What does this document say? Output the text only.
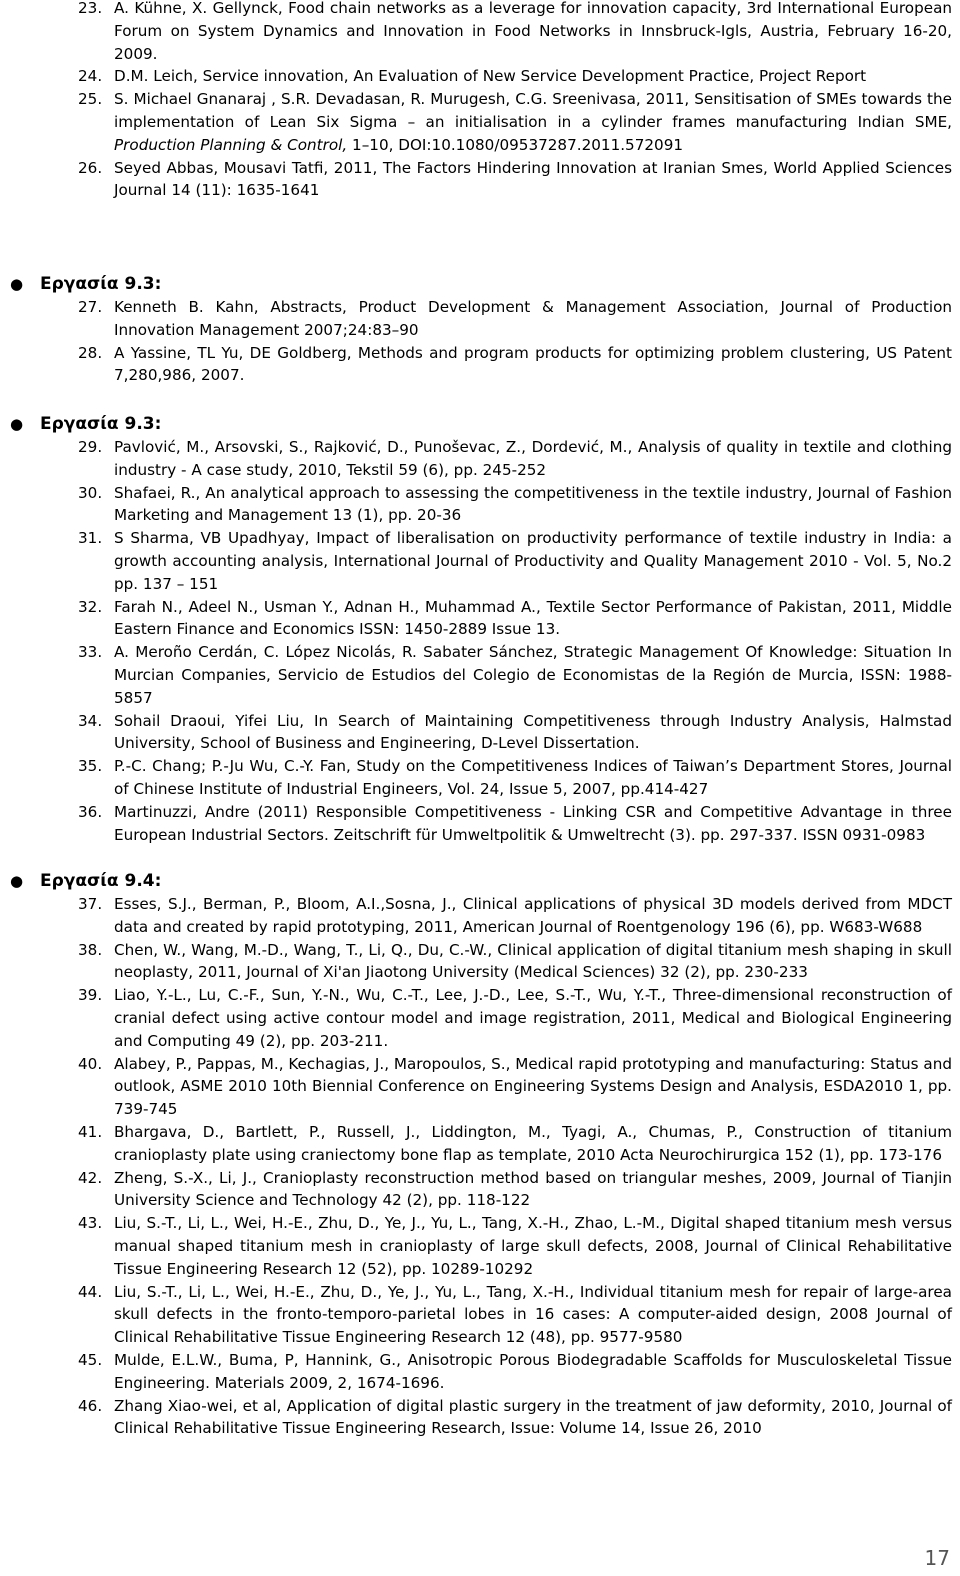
23. A. Kühne, X. Gellynck, Food chain networks as a leverage for innovation capacity, 3rd International European Forum on System Dynamics and Innovation in Food Networks in Innsbruck-Igls, Austria, February 16-20, 2009.
24. D.M. Leich, Service innovation, An Evaluation of New Service Development Practice, Project Report
25. S. Michael Gnanaraj , S.R. Devadasan, R. Murugesh, C.G. Sreenivasa, 2011, Sensitisation of SMEs towards the implementation of Lean Six Sigma – an initialisation in a cylinder frames manufacturing Indian SME, Production Planning & Control, 1–10, DOI:10.1080/09537287.2011.572091
26. Seyed Abbas, Mousavi Tatfi, 2011, The Factors Hindering Innovation at Iranian Smes, World Applied Sciences Journal 14 (11): 1635-1641
● Εργασία 9.3:
27. Kenneth B. Kahn, Abstracts, Product Development & Management Association, Journal of Production Innovation Management 2007;24:83–90
28. A Yassine, TL Yu, DE Goldberg, Methods and program products for optimizing problem clustering, US Patent 7,280,986, 2007.
● Εργασία 9.3:
29. Pavlović, M., Arsovski, S., Rajković, D., Punoševac, Z., Dordević, M., Analysis of quality in textile and clothing industry - A case study, 2010, Tekstil 59 (6), pp. 245-252
30. Shafaei, R., An analytical approach to assessing the competitiveness in the textile industry, Journal of Fashion Marketing and Management 13 (1), pp. 20-36
31. S Sharma, VB Upadhyay, Impact of liberalisation on productivity performance of textile industry in India: a growth accounting analysis, International Journal of Productivity and Quality Management 2010 - Vol. 5, No.2 pp. 137 – 151
32. Farah N., Adeel N., Usman Y., Adnan H., Muhammad A., Textile Sector Performance of Pakistan, 2011, Middle Eastern Finance and Economics ISSN: 1450-2889 Issue 13.
33. A. Meroño Cerdán, C. López Nicolás, R. Sabater Sánchez, Strategic Management Of Knowledge: Situation In Murcian Companies, Servicio de Estudios del Colegio de Economistas de la Región de Murcia, ISSN: 1988-5857
34. Sohail Draoui, Yifei Liu, In Search of Maintaining Competitiveness through Industry Analysis, Halmstad University, School of Business and Engineering, D-Level Dissertation.
35. P.-C. Chang; P.-Ju Wu, C.-Y. Fan, Study on the Competitiveness Indices of Taiwan’s Department Stores, Journal of Chinese Institute of Industrial Engineers, Vol. 24, Issue 5, 2007, pp.414-427
36. Martinuzzi, Andre (2011) Responsible Competitiveness - Linking CSR and Competitive Advantage in three European Industrial Sectors. Zeitschrift für Umweltpolitik & Umweltrecht (3). pp. 297-337. ISSN 0931-0983
● Εργασία 9.4:
37. Esses, S.J., Berman, P., Bloom, A.I.,Sosna, J., Clinical applications of physical 3D models derived from MDCT data and created by rapid prototyping, 2011, American Journal of Roentgenology 196 (6), pp. W683-W688
38. Chen, W., Wang, M.-D., Wang, T., Li, Q., Du, C.-W., Clinical application of digital titanium mesh shaping in skull neoplasty, 2011, Journal of Xi'an Jiaotong University (Medical Sciences) 32 (2), pp. 230-233
39. Liao, Y.-L., Lu, C.-F., Sun, Y.-N., Wu, C.-T., Lee, J.-D., Lee, S.-T., Wu, Y.-T., Three-dimensional reconstruction of cranial defect using active contour model and image registration, 2011, Medical and Biological Engineering and Computing 49 (2), pp. 203-211.
40. Alabey, P., Pappas, M., Kechagias, J., Maropoulos, S., Medical rapid prototyping and manufacturing: Status and outlook, ASME 2010 10th Biennial Conference on Engineering Systems Design and Analysis, ESDA2010 1, pp. 739-745
41. Bhargava, D., Bartlett, P., Russell, J., Liddington, M., Tyagi, A., Chumas, P., Construction of titanium cranioplasty plate using craniectomy bone flap as template, 2010 Acta Neurochirurgica 152 (1), pp. 173-176
42. Zheng, S.-X., Li, J., Cranioplasty reconstruction method based on triangular meshes, 2009, Journal of Tianjin University Science and Technology 42 (2), pp. 118-122
43. Liu, S.-T., Li, L., Wei, H.-E., Zhu, D., Ye, J., Yu, L., Tang, X.-H., Zhao, L.-M., Digital shaped titanium mesh versus manual shaped titanium mesh in cranioplasty of large skull defects, 2008, Journal of Clinical Rehabilitative Tissue Engineering Research 12 (52), pp. 10289-10292
44. Liu, S.-T., Li, L., Wei, H.-E., Zhu, D., Ye, J., Yu, L., Tang, X.-H., Individual titanium mesh for repair of large-area skull defects in the fronto-temporo-parietal lobes in 16 cases: A computer-aided design, 2008 Journal of Clinical Rehabilitative Tissue Engineering Research 12 (48), pp. 9577-9580
45. Mulde, E.L.W., Buma, P, Hannink, G., Anisotropic Porous Biodegradable Scaffolds for Musculoskeletal Tissue Engineering. Materials 2009, 2, 1674-1696.
46. Zhang Xiao-wei, et al, Application of digital plastic surgery in the treatment of jaw deformity, 2010, Journal of Clinical Rehabilitative Tissue Engineering Research, Issue: Volume 14, Issue 26, 2010
17
